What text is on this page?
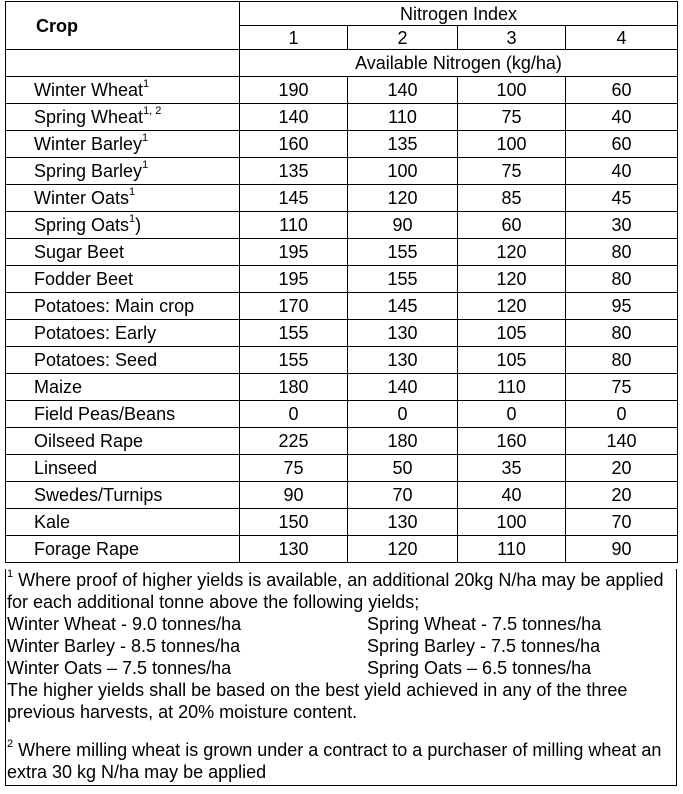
Crop	Nitrogen Index			
	1	2	3	4
	Available Nitrogen (kg/ha)			
Winter Wheat$^1$	190	140	100	60
Spring Wheat$^{1, 2}$	140	110	75	40
Winter Barley$^1$	160	135	100	60
Spring Barley$^1$	135	100	75	40
Winter Oats$^1$	145	120	85	45
Spring Oats$^1$)	110	90	60	30
Sugar Beet	195	155	120	80
Fodder Beet	195	155	120	80
Potatoes: Main crop	170	145	120	95
Potatoes: Early	155	130	105	80
Potatoes: Seed	155	130	105	80
Maize	180	140	110	75
Field Peas/Beans	0	0	0	0
Oilseed Rape	225	180	160	140
Linseed	75	50	35	20
Swedes/Turnips	90	70	40	20
Kale	150	130	100	70
Forage Rape	130	120	110	90
$^1$ Where proof of higher yields is available, an additional 20kg N/ha may be applied for each additional tonne above the following yields;
Winter Wheat - 9.0 tonnes/ha	Spring Wheat - 7.5 tonnes/ha
Winter Barley - 8.5 tonnes/ha	Spring Barley - 7.5 tonnes/ha
Winter Oats – 7.5 tonnes/ha	Spring Oats – 6.5 tonnes/ha
The higher yields shall be based on the best yield achieved in any of the three previous harvests, at 20% moisture content.
$^2$ Where milling wheat is grown under a contract to a purchaser of milling wheat an extra 30 kg N/ha may be applied
